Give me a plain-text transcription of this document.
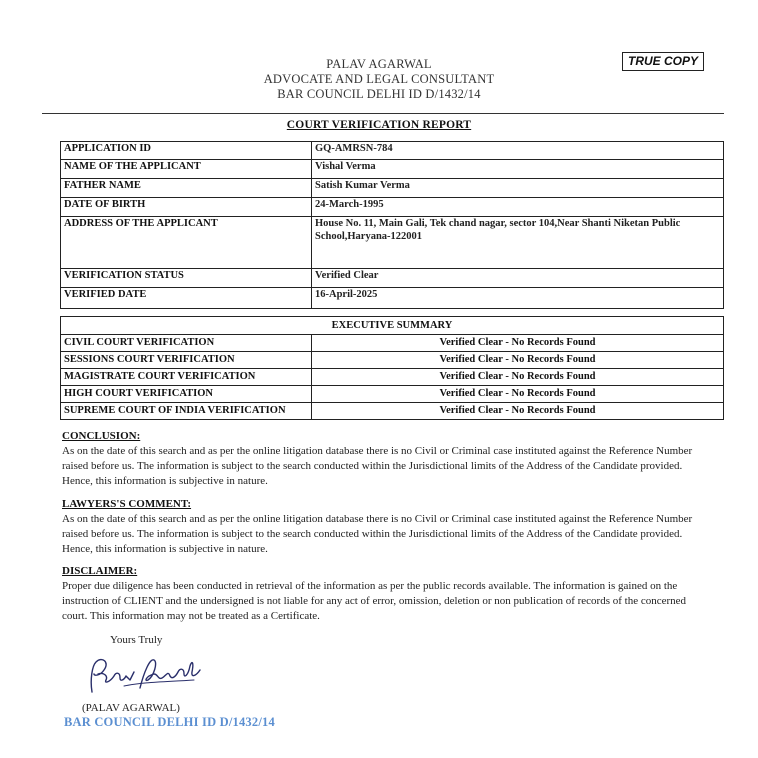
PALAV AGARWAL
ADVOCATE AND LEGAL CONSULTANT
BAR COUNCIL DELHI ID D/1432/14
TRUE COPY
COURT VERIFICATION REPORT
APPLICATION ID	GQ-AMRSN-784
NAME OF THE APPLICANT	Vishal Verma
FATHER NAME	Satish Kumar Verma
DATE OF BIRTH	24-March-1995
ADDRESS OF THE APPLICANT	House No. 11, Main Gali, Tek chand nagar, sector 104,Near Shanti Niketan Public School,Haryana-122001
VERIFICATION STATUS	Verified Clear
VERIFIED DATE	16-April-2025
EXECUTIVE SUMMARY	
CIVIL COURT VERIFICATION	Verified Clear - No Records Found
SESSIONS COURT VERIFICATION	Verified Clear - No Records Found
MAGISTRATE COURT VERIFICATION	Verified Clear - No Records Found
HIGH COURT VERIFICATION	Verified Clear - No Records Found
SUPREME COURT OF INDIA VERIFICATION	Verified Clear - No Records Found
CONCLUSION:
As on the date of this search and as per the online litigation database there is no Civil or Criminal case instituted against the Reference Number raised before us. The information is subject to the search conducted within the Jurisdictional limits of the Address of the Candidate provided. Hence, this information is subjective in nature.
LAWYERS'S COMMENT:
As on the date of this search and as per the online litigation database there is no Civil or Criminal case instituted against the Reference Number raised before us. The information is subject to the search conducted within the Jurisdictional limits of the Address of the Candidate provided. Hence, this information is subjective in nature.
DISCLAIMER:
Proper due diligence has been conducted in retrieval of the information as per the public records available. The information is gained on the instruction of CLIENT and the undersigned is not liable for any act of error, omission, deletion or non publication of records of the concerned court. This information may not be treated as a Certificate.
Yours Truly
(PALAV AGARWAL)
BAR COUNCIL DELHI ID D/1432/14
